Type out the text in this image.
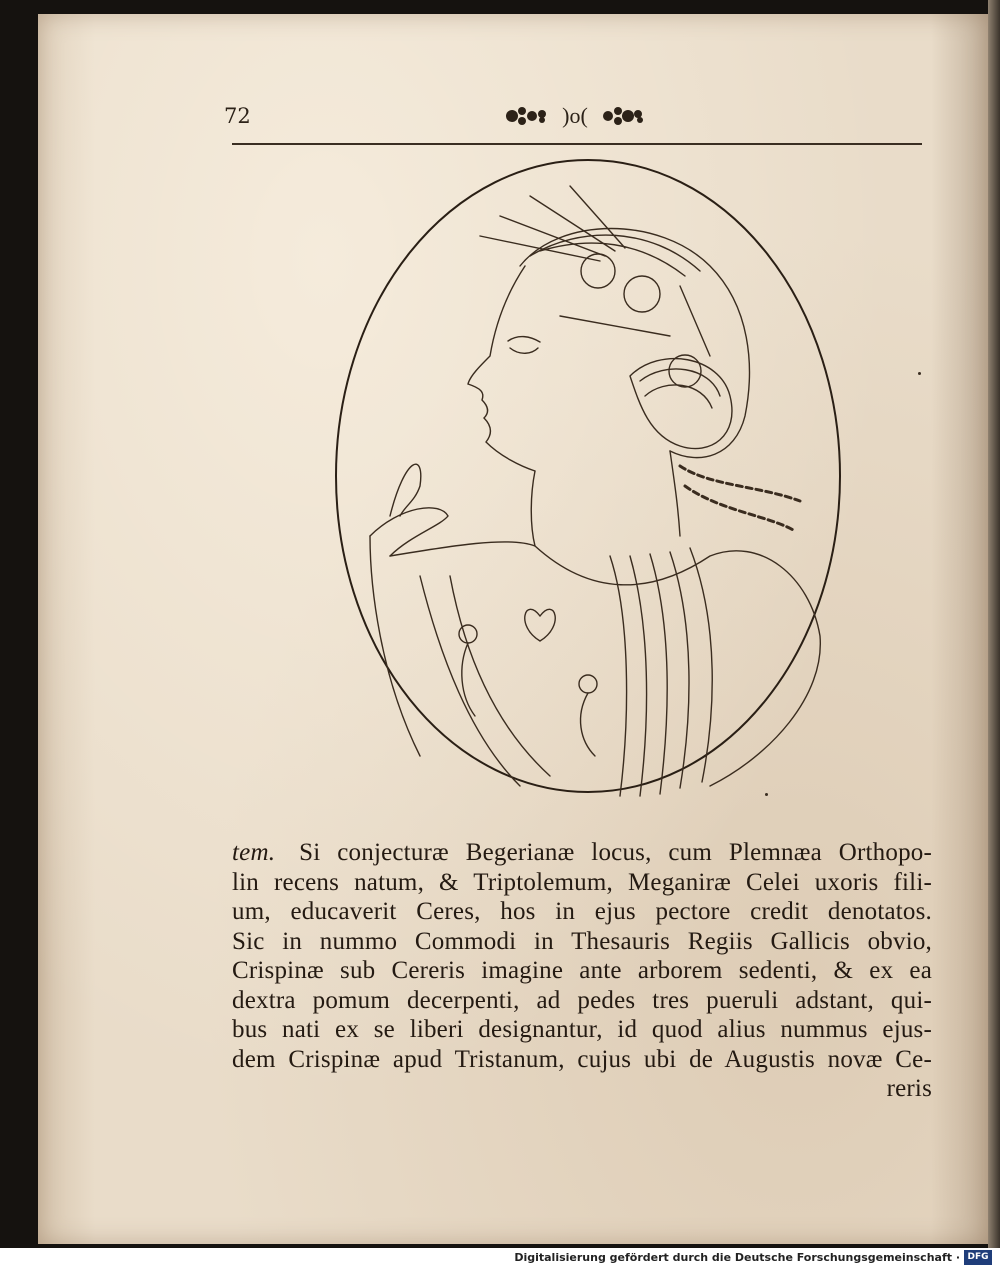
72	)o(
tem. Si conjecturæ Begerianæ locus, cum Plemnæa Orthopo-
lin recens natum, & Triptolemum, Meganiræ Celei uxoris fili-
um, educaverit Ceres, hos in ejus pectore credit denotatos.
Sic in nummo Commodi in Thesauris Regiis Gallicis obvio,
Crispinæ sub Cereris imagine ante arborem sedenti, & ex ea
dextra pomum decerpenti, ad pedes tres pueruli adstant, qui-
bus nati ex se liberi designantur, id quod alius nummus ejus-
dem Crispinæ apud Tristanum, cujus ubi de Augustis novæ Ce-
reris
Digitalisierung gefördert durch die Deutsche Forschungsgemeinschaft · DFG
